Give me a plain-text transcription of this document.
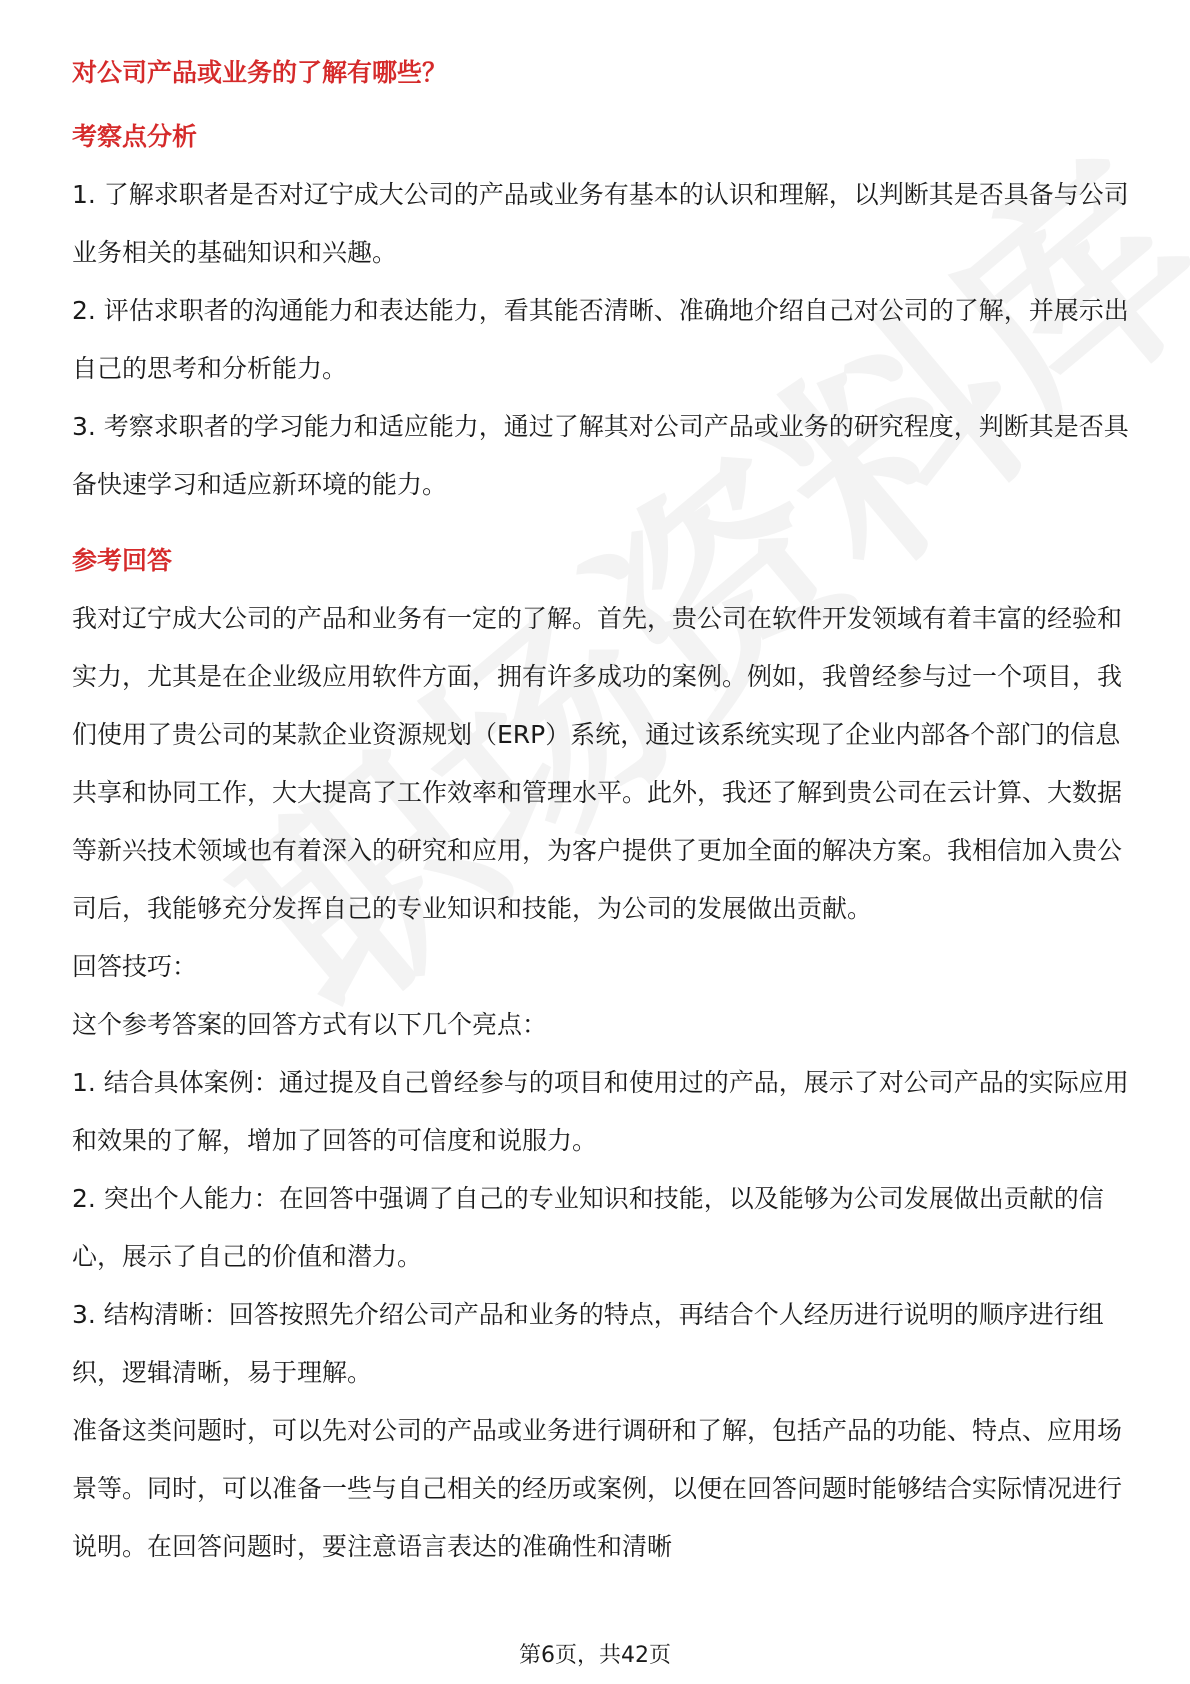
对公司产品或业务的了解有哪些？
考察点分析

1. 了解求职者是否对辽宁成大公司的产品或业务有基本的认识和理解，以判断其是否具备与公司业务相关的基础知识和兴趣。

2. 评估求职者的沟通能力和表达能力，看其能否清晰、准确地介绍自己对公司的了解，并展示出自己的思考和分析能力。

3. 考察求职者的学习能力和适应能力，通过了解其对公司产品或业务的研究程度，判断其是否具备快速学习和适应新环境的能力。

参考回答

我对辽宁成大公司的产品和业务有一定的了解。首先，贵公司在软件开发领域有着丰富的经验和实力，尤其是在企业级应用软件方面，拥有许多成功的案例。例如，我曾经参与过一个项目，我们使用了贵公司的某款企业资源规划（ERP）系统，通过该系统实现了企业内部各个部门的信息共享和协同工作，大大提高了工作效率和管理水平。此外，我还了解到贵公司在云计算、大数据等新兴技术领域也有着深入的研究和应用，为客户提供了更加全面的解决方案。我相信加入贵公司后，我能够充分发挥自己的专业知识和技能，为公司的发展做出贡献。

回答技巧：

这个参考答案的回答方式有以下几个亮点：

1. 结合具体案例：通过提及自己曾经参与的项目和使用过的产品，展示了对公司产品的实际应用和效果的了解，增加了回答的可信度和说服力。

2. 突出个人能力：在回答中强调了自己的专业知识和技能，以及能够为公司发展做出贡献的信心，展示了自己的价值和潜力。

3. 结构清晰：回答按照先介绍公司产品和业务的特点，再结合个人经历进行说明的顺序进行组织，逻辑清晰，易于理解。

准备这类问题时，可以先对公司的产品或业务进行调研和了解，包括产品的功能、特点、应用场景等。同时，可以准备一些与自己相关的经历或案例，以便在回答问题时能够结合实际情况进行说明。在回答问题时，要注意语言表达的准确性和清晰

第6页，共42页
